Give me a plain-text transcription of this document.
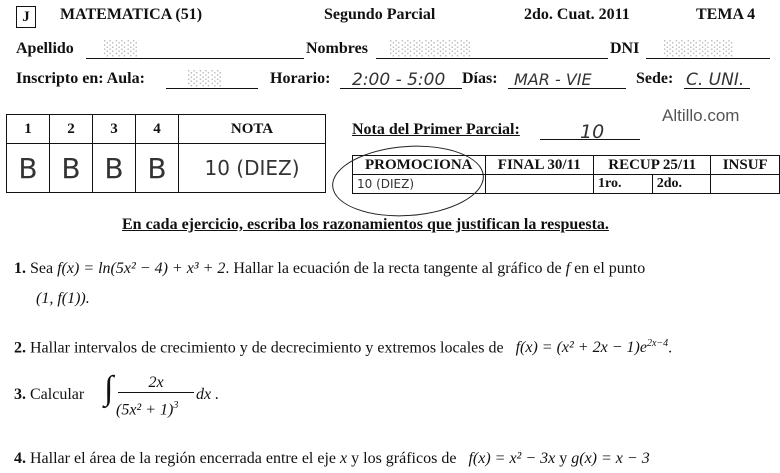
J	MATEMATICA (51)	Segundo Parcial	2do. Cuat. 2011	TEMA 4
Apellido	░░░	Nombres	░░░░░░░	DNI	░░░░░░
Inscripto en: Aula:	░░░	Horario:	2:00 - 5:00	Días:	MAR - VIE	Sede: C. UNI.
1	2	3	4	NOTA
B	B	B	B	10 (DIEZ)
Nota del Primer Parcial:	10
Altillo.com
PROMOCIONA	FINAL 30/11	RECUP 25/11		INSUF
10 (DIEZ)		1ro.	2do.	
En cada ejercicio, escriba los razonamientos que justifican la respuesta.
1. Sea f(x) = ln(5x² − 4) + x³ + 2. Hallar la ecuación de la recta tangente al gráfico de f en el punto
(1, f(1)).
2. Hallar intervalos de crecimiento y de decrecimiento y extremos locales de $f(x) = (x^2 + 2x - 1)e^{2x-4}$.
3. Calcular ∫	2x
$(5x^2 + 1)^3$
dx .
4. Hallar el área de la región encerrada entre el eje x y los gráficos de f(x) = x² − 3x y g(x) = x − 3
